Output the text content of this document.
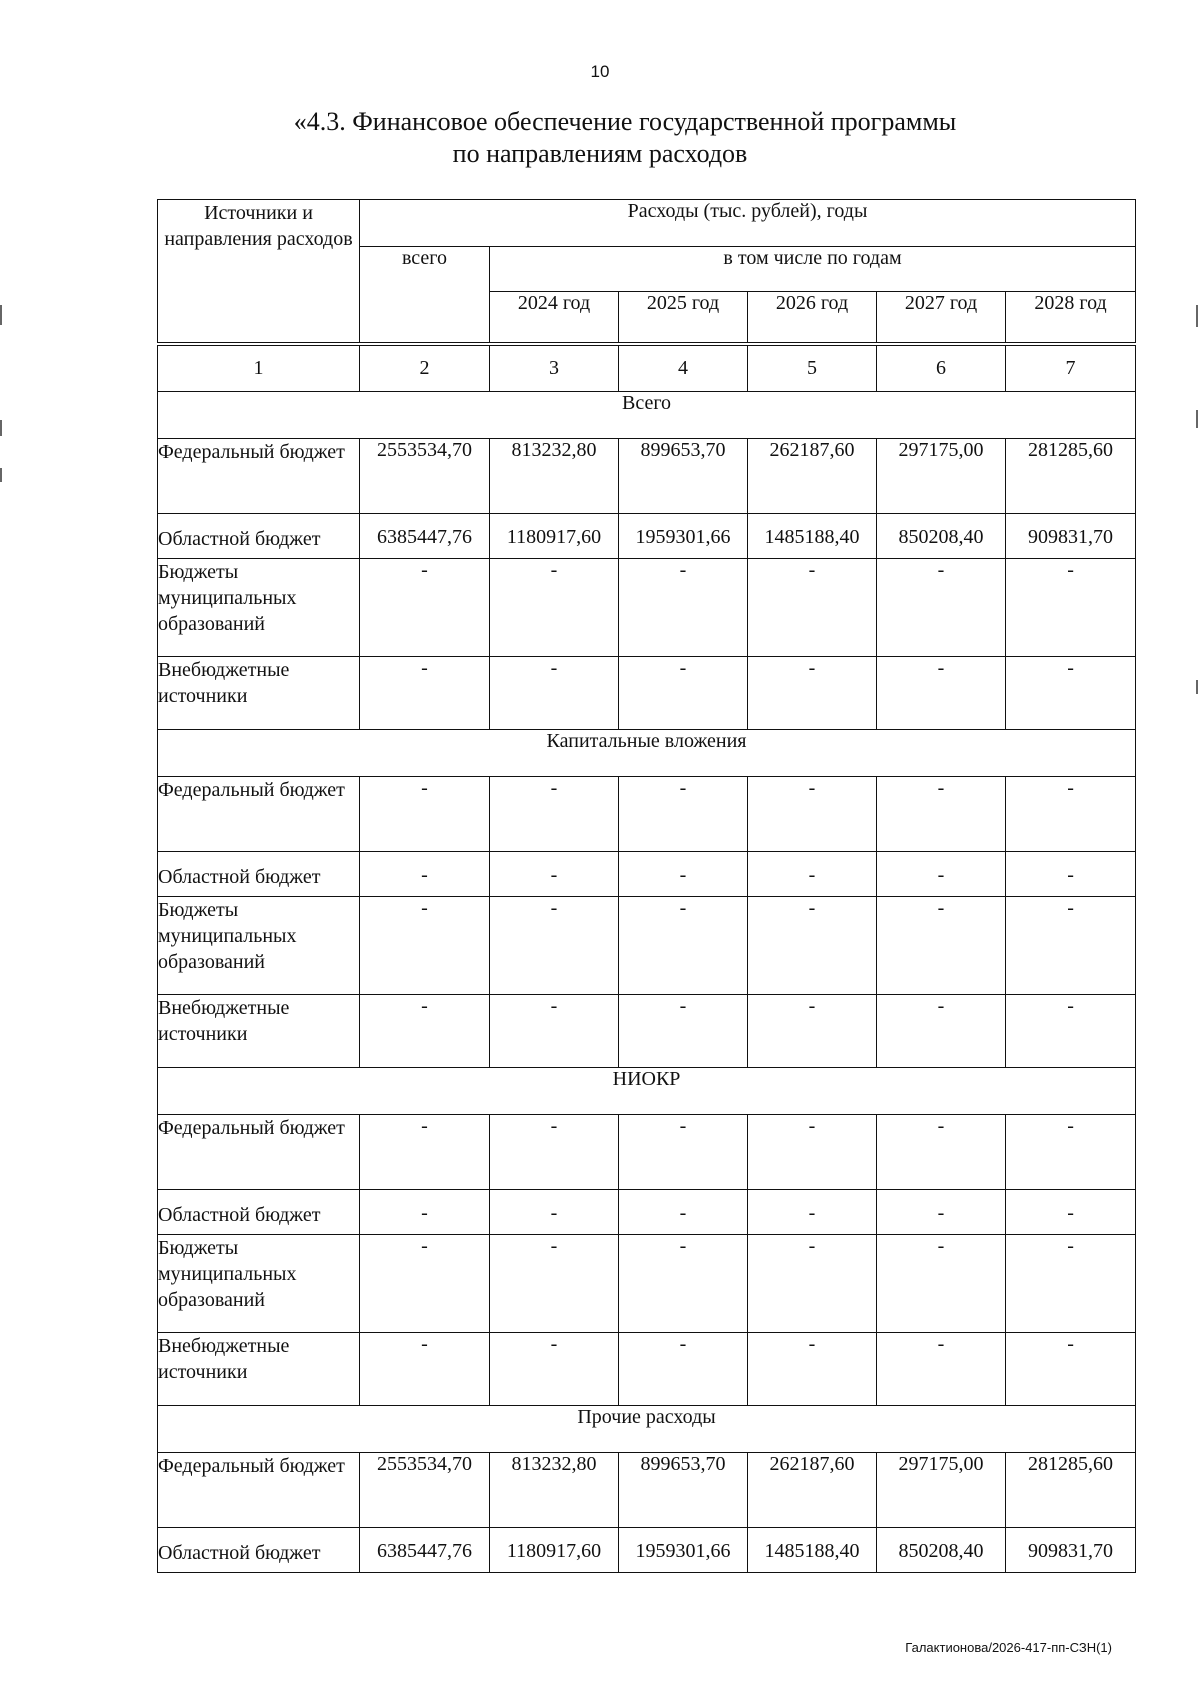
10
«4.3. Финансовое обеспечение государственной программы
по направлениям расходов
Источники и направления расходов	Расходы (тыс. рублей), годы					
	всего	в том числе по годам				
		2024 год	2025 год	2026 год	2027 год	2028 год
1	2	3	4	5	6	7
Всего						
Федеральный бюджет	2553534,70	813232,80	899653,70	262187,60	297175,00	281285,60
Областной бюджет	6385447,76	1180917,60	1959301,66	1485188,40	850208,40	909831,70
Бюджеты муниципальных образований	-	-	-	-	-	-
Внебюджетные источники	-	-	-	-	-	-
Капитальные вложения						
Федеральный бюджет	-	-	-	-	-	-
Областной бюджет	-	-	-	-	-	-
Бюджеты муниципальных образований	-	-	-	-	-	-
Внебюджетные источники	-	-	-	-	-	-
НИОКР						
Федеральный бюджет	-	-	-	-	-	-
Областной бюджет	-	-	-	-	-	-
Бюджеты муниципальных образований	-	-	-	-	-	-
Внебюджетные источники	-	-	-	-	-	-
Прочие расходы						
Федеральный бюджет	2553534,70	813232,80	899653,70	262187,60	297175,00	281285,60
Областной бюджет	6385447,76	1180917,60	1959301,66	1485188,40	850208,40	909831,70
Галактионова/2026-417-пп-СЗН(1)
